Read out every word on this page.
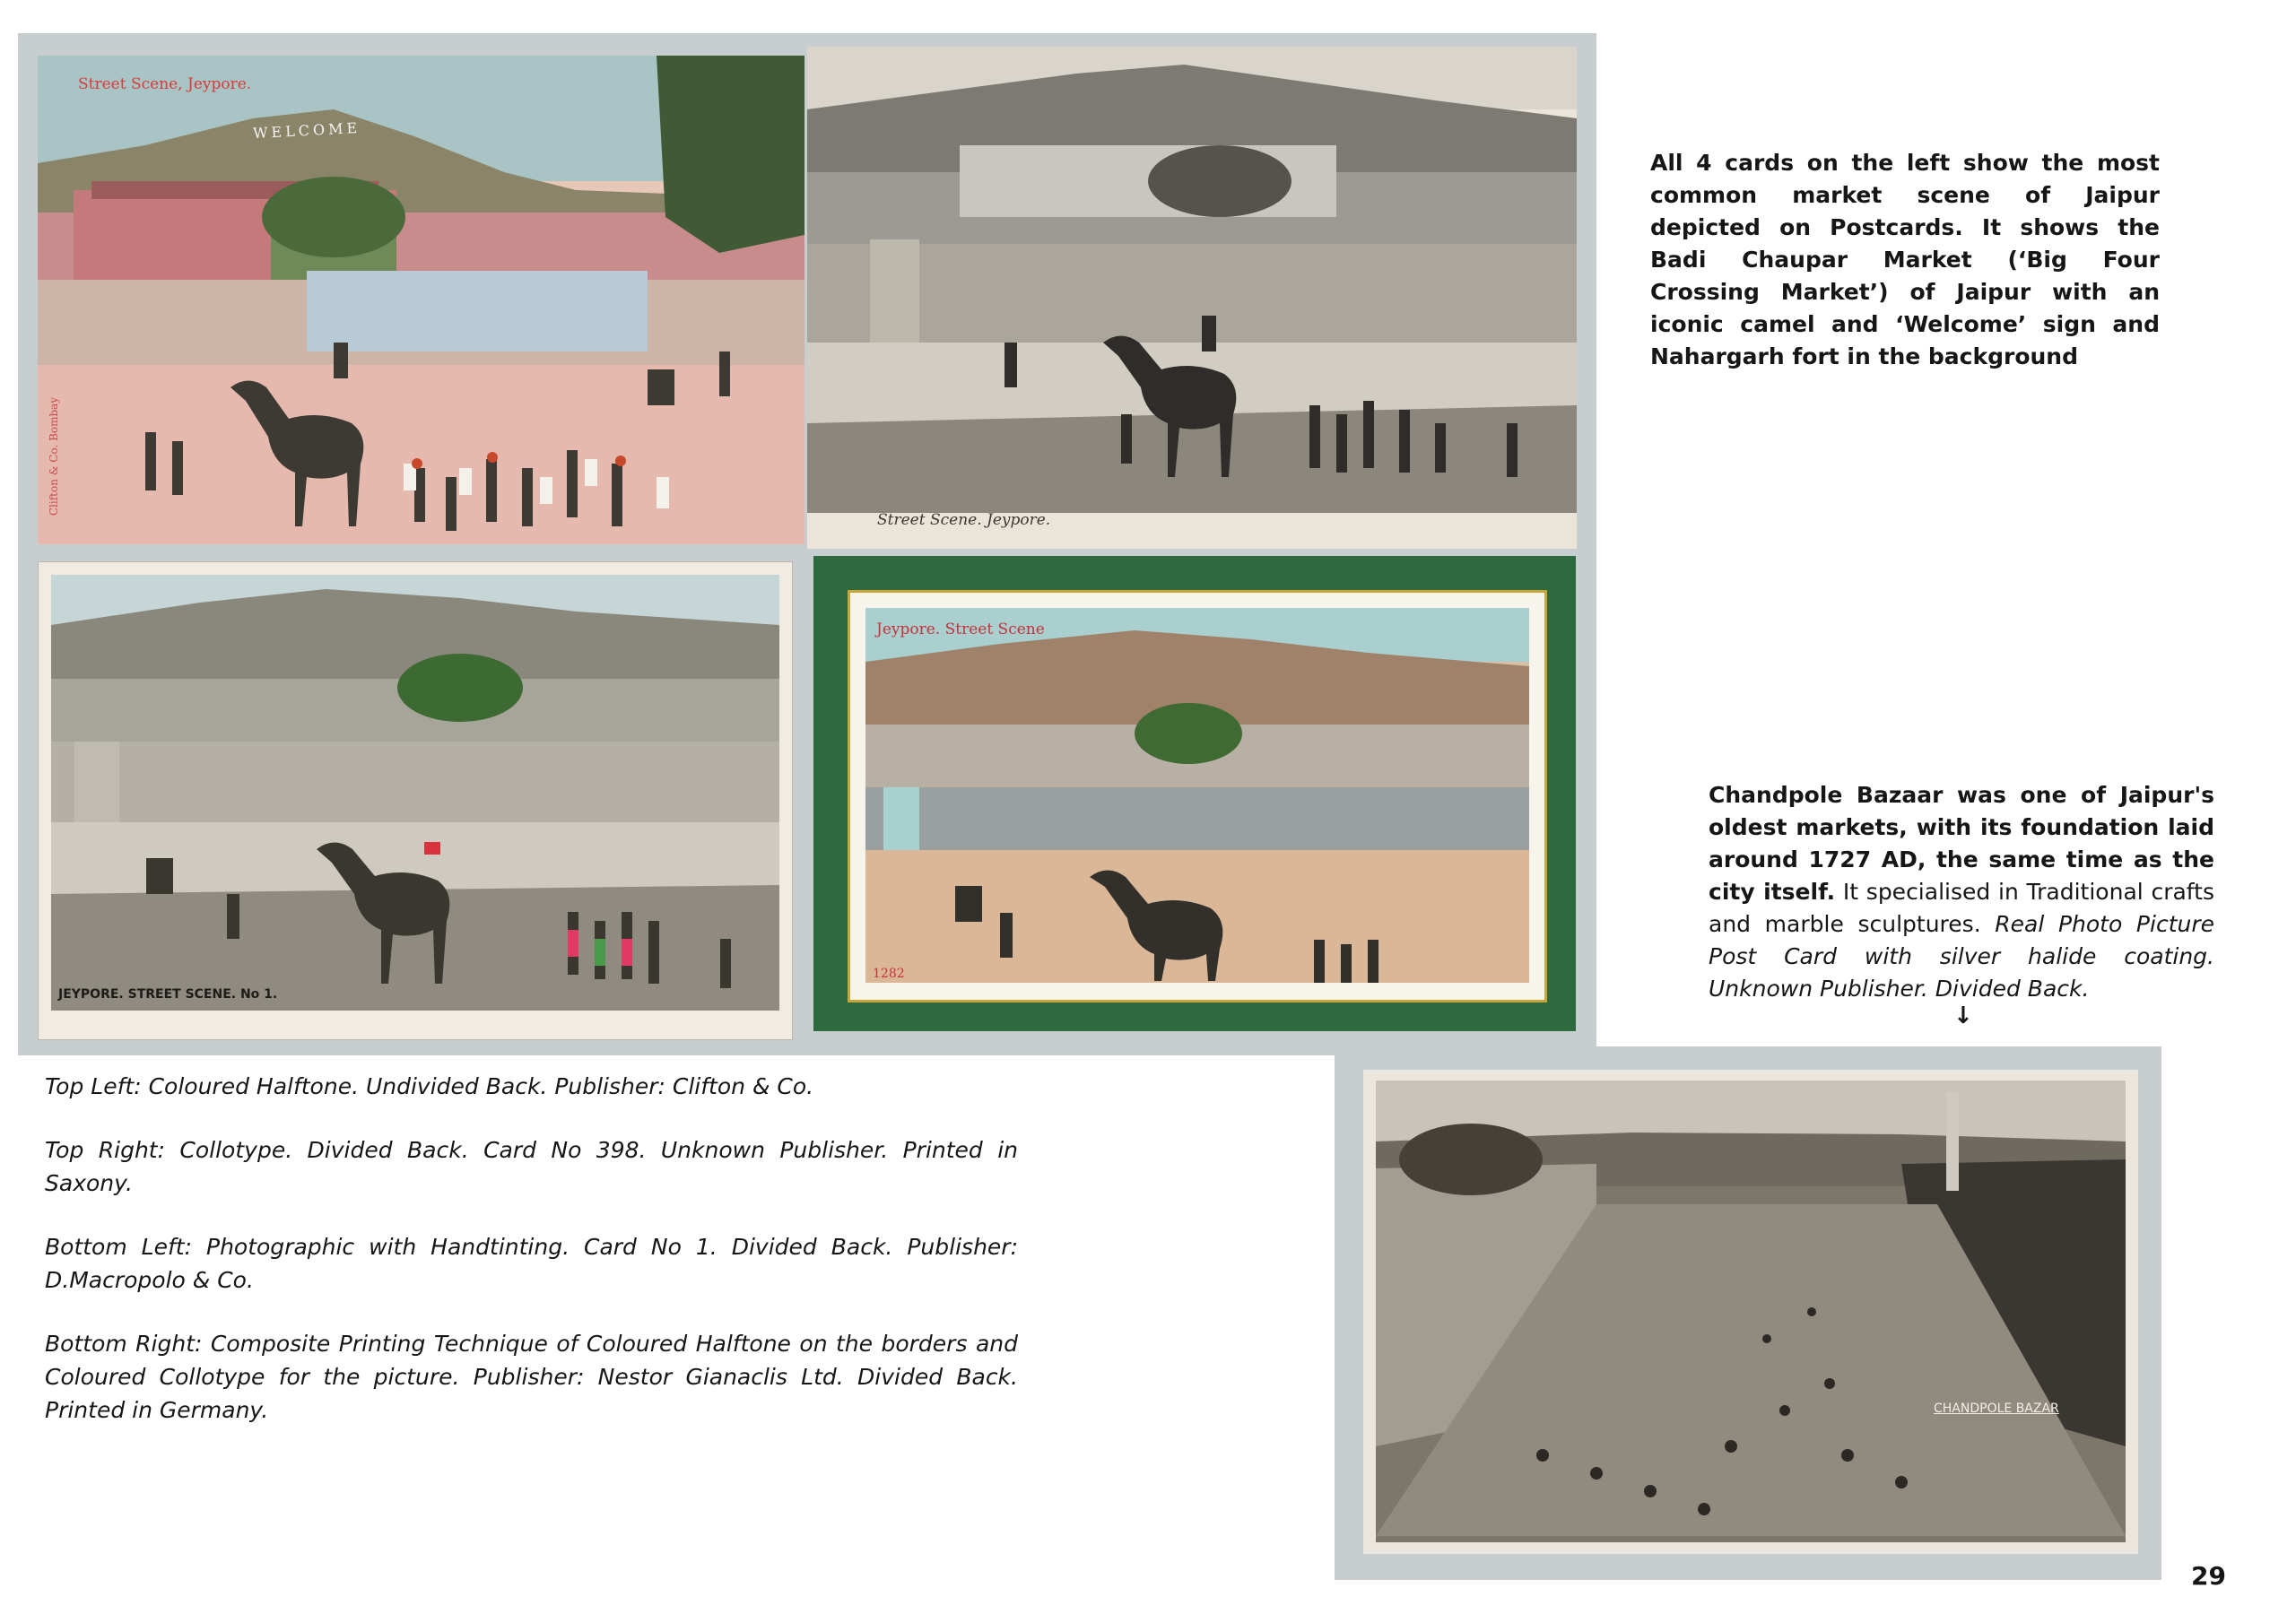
Street Scene, Jeypore.
WELCOME
Clifton & Co. Bombay
Street Scene. Jeypore.
JEYPORE. STREET SCENE. No 1.
Jeypore. Street Scene
1282
CHANDPOLE BAZAR
All 4 cards on the left show the most common market scene of Jaipur depicted on Postcards. It shows the Badi Chaupar Market (‘Big Four Crossing Market’) of Jaipur with an iconic camel and ‘Welcome’ sign and Nahargarh fort in the background
Chandpole Bazaar was one of Jaipur's oldest markets, with its foundation laid around 1727 AD, the same time as the city itself. It specialised in Traditional crafts and marble sculptures. Real Photo Picture Post Card with silver halide coating. Unknown Publisher. Divided Back.
↓

Top Left: Coloured Halftone. Undivided Back. Publisher: Clifton & Co.

Top Right: Collotype. Divided Back. Card No 398. Unknown Publisher. Printed in Saxony.

Bottom Left: Photographic with Handtinting. Card No 1. Divided Back. Publisher: D.Macropolo & Co.

Bottom Right: Composite Printing Technique of Coloured Halftone on the borders and Coloured Collotype for the picture. Publisher: Nestor Gianaclis Ltd. Divided Back. Printed in Germany.

29
